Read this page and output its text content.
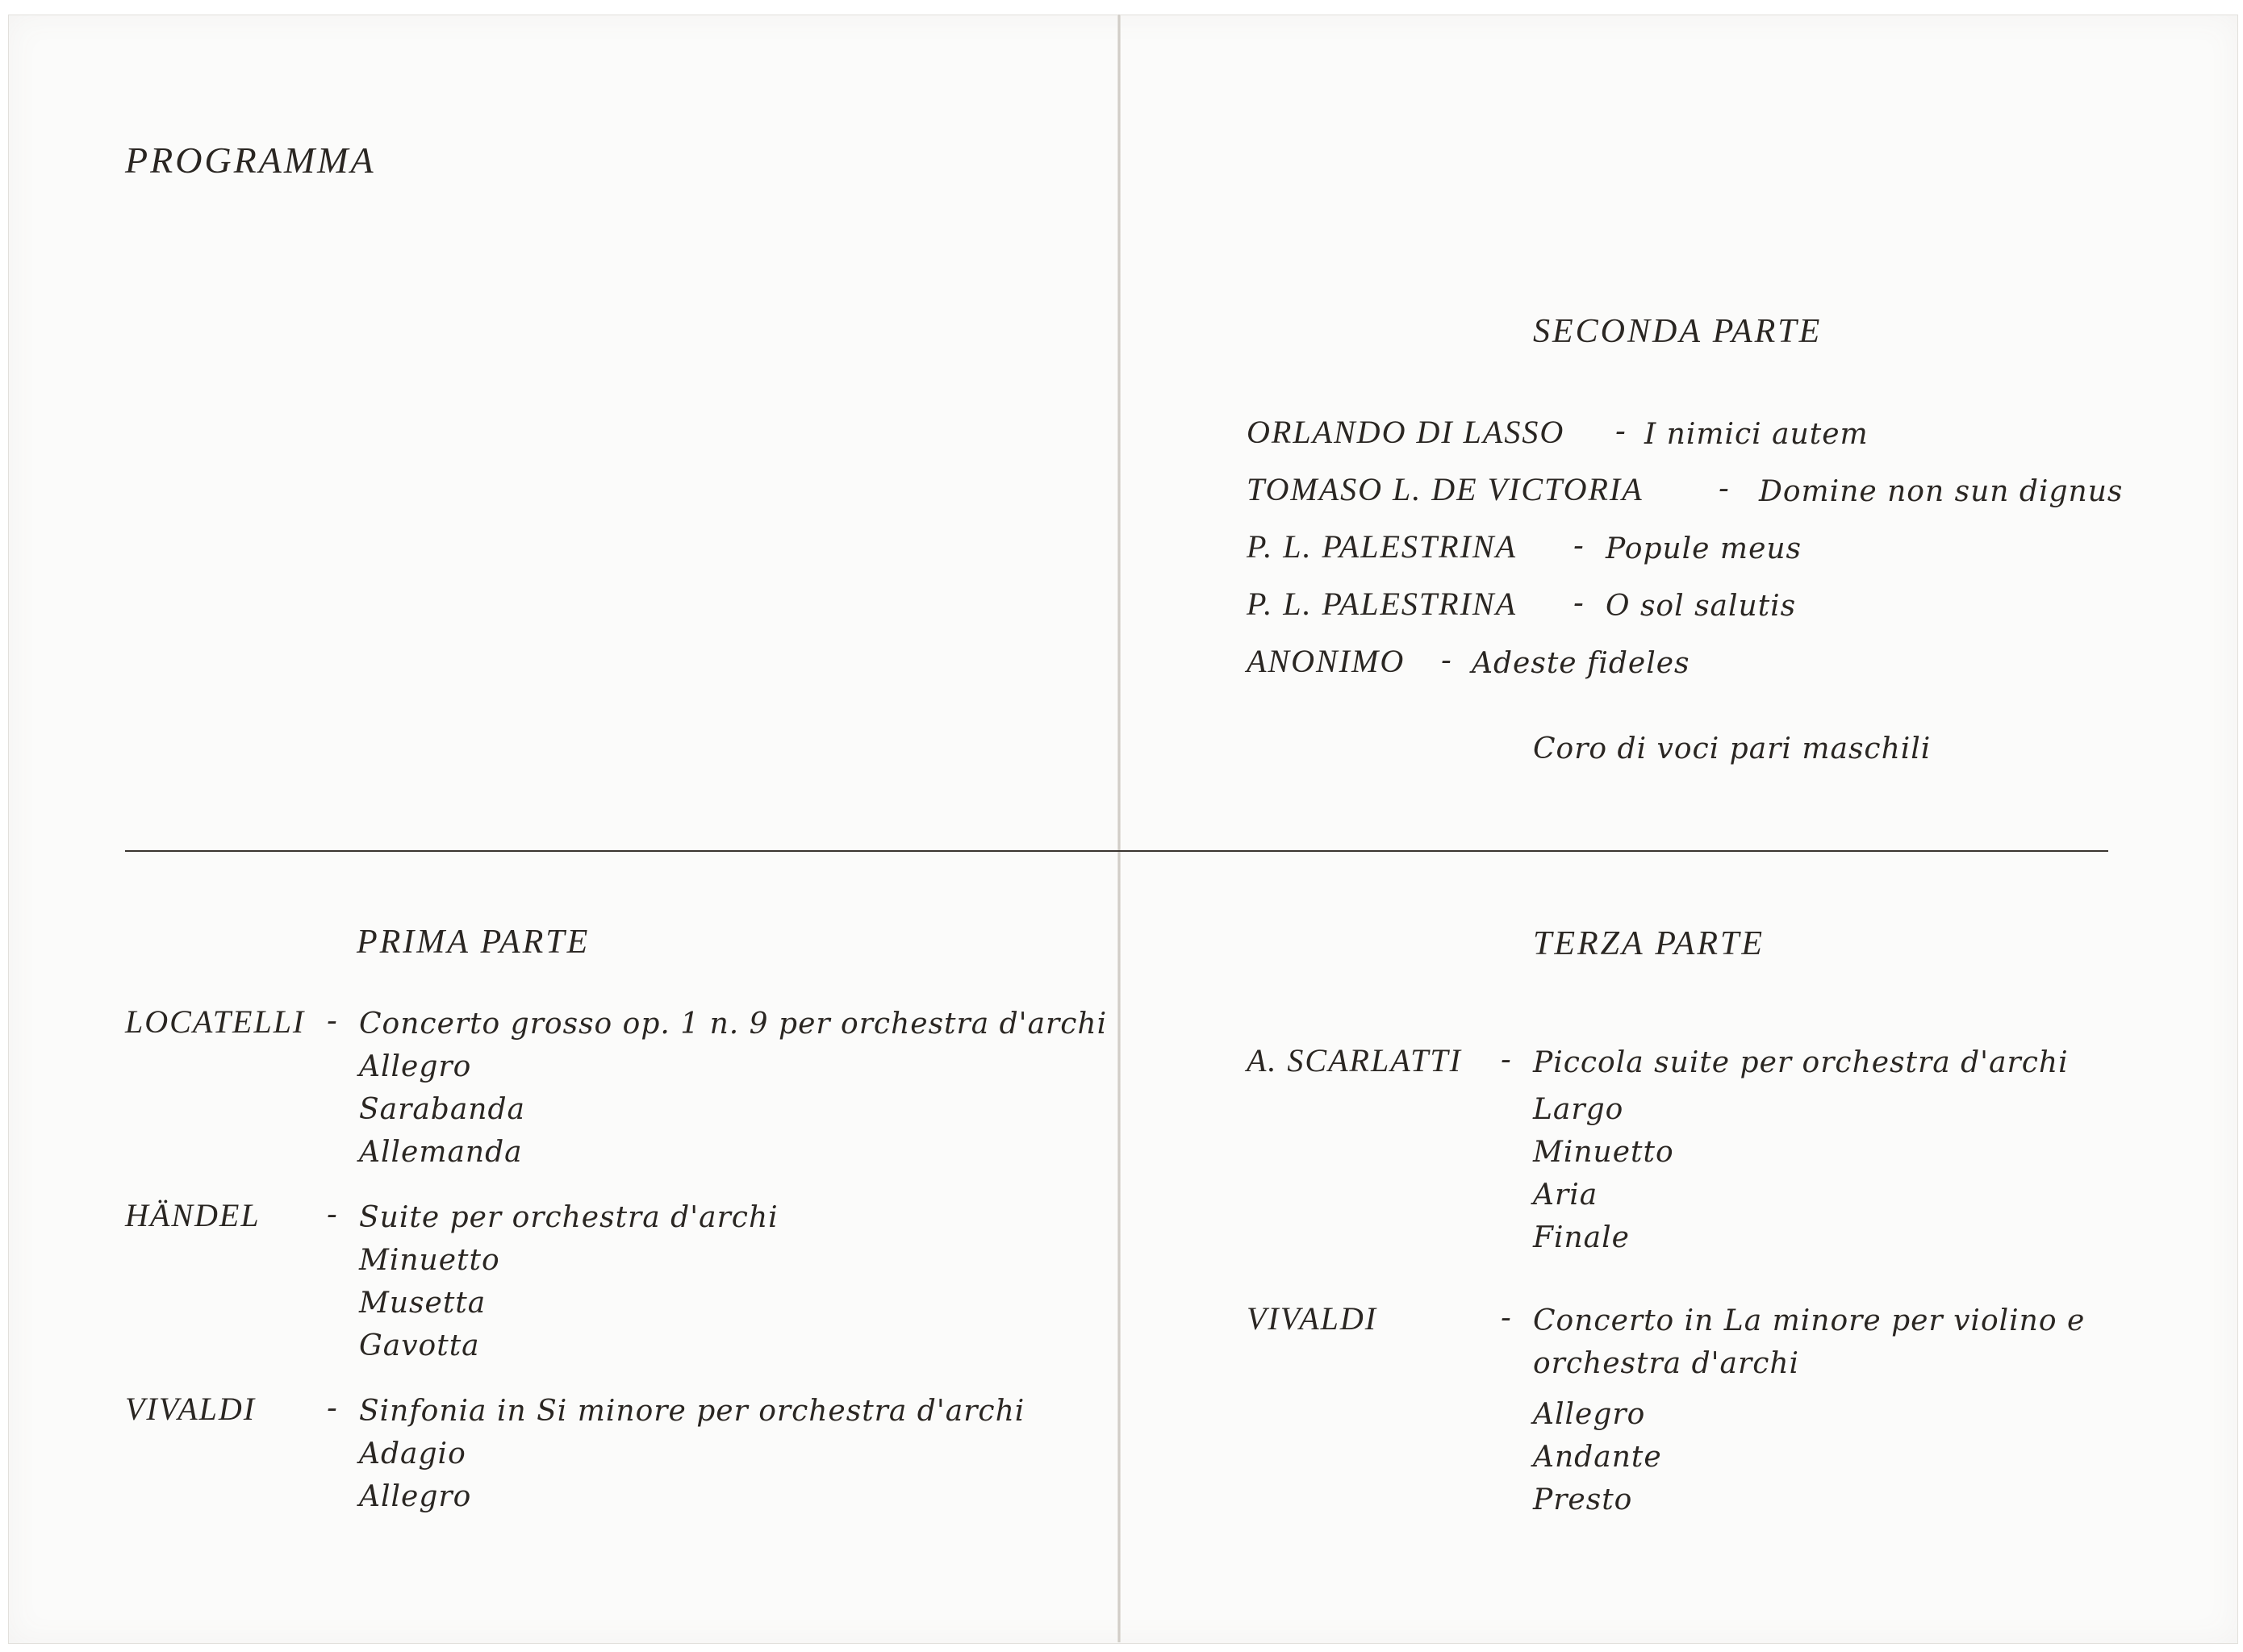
PROGRAMMA
SECONDA PARTE
ORLANDO DI LASSO - I nimici autem
TOMASO L. DE VICTORIA - Domine non sun dignus
P. L. PALESTRINA - Popule meus
P. L. PALESTRINA - O sol salutis
ANONIMO - Adeste fideles
Coro di voci pari maschili
PRIMA PARTE
LOCATELLI - Concerto grosso op. 1 n. 9 per orchestra d'archi
Allegro
Sarabanda
Allemanda
HÄNDEL - Suite per orchestra d'archi
Minuetto
Musetta
Gavotta
VIVALDI - Sinfonia in Si minore per orchestra d'archi
Adagio
Allegro
TERZA PARTE
A. SCARLATTI - Piccola suite per orchestra d'archi
Largo
Minuetto
Aria
Finale
VIVALDI	- Concerto in La minore per violino e
orchestra d'archi
Allegro
Andante
Presto
